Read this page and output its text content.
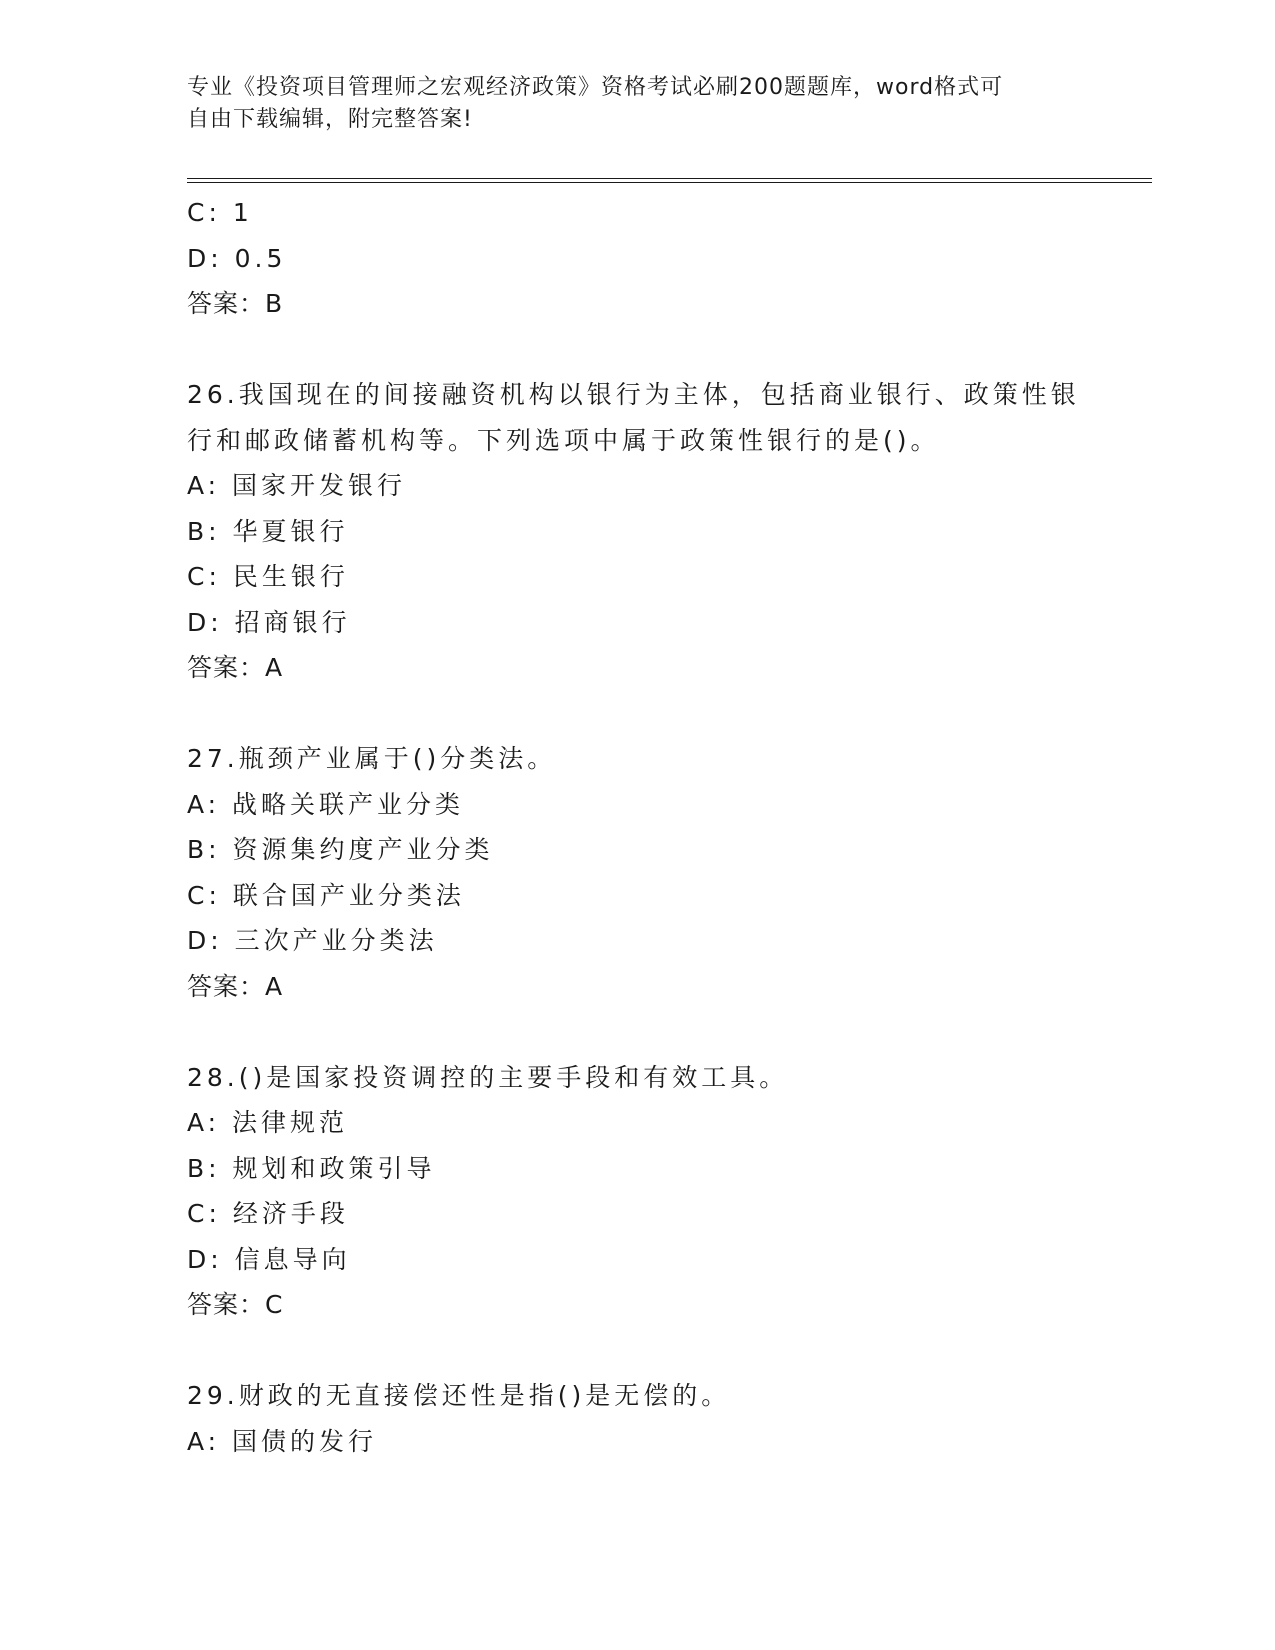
专业《投资项目管理师之宏观经济政策》资格考试必刷200题题库，word格式可
自由下载编辑，附完整答案!
C: 1
D: 0.5
答案：B
26.我国现在的间接融资机构以银行为主体，包括商业银行、政策性银
行和邮政储蓄机构等。下列选项中属于政策性银行的是()。
A: 国家开发银行
B: 华夏银行
C: 民生银行
D: 招商银行
答案：A
27.瓶颈产业属于()分类法。
A: 战略关联产业分类
B: 资源集约度产业分类
C: 联合国产业分类法
D: 三次产业分类法
答案：A
28.()是国家投资调控的主要手段和有效工具。
A: 法律规范
B: 规划和政策引导
C: 经济手段
D: 信息导向
答案：C
29.财政的无直接偿还性是指()是无偿的。
A: 国债的发行
